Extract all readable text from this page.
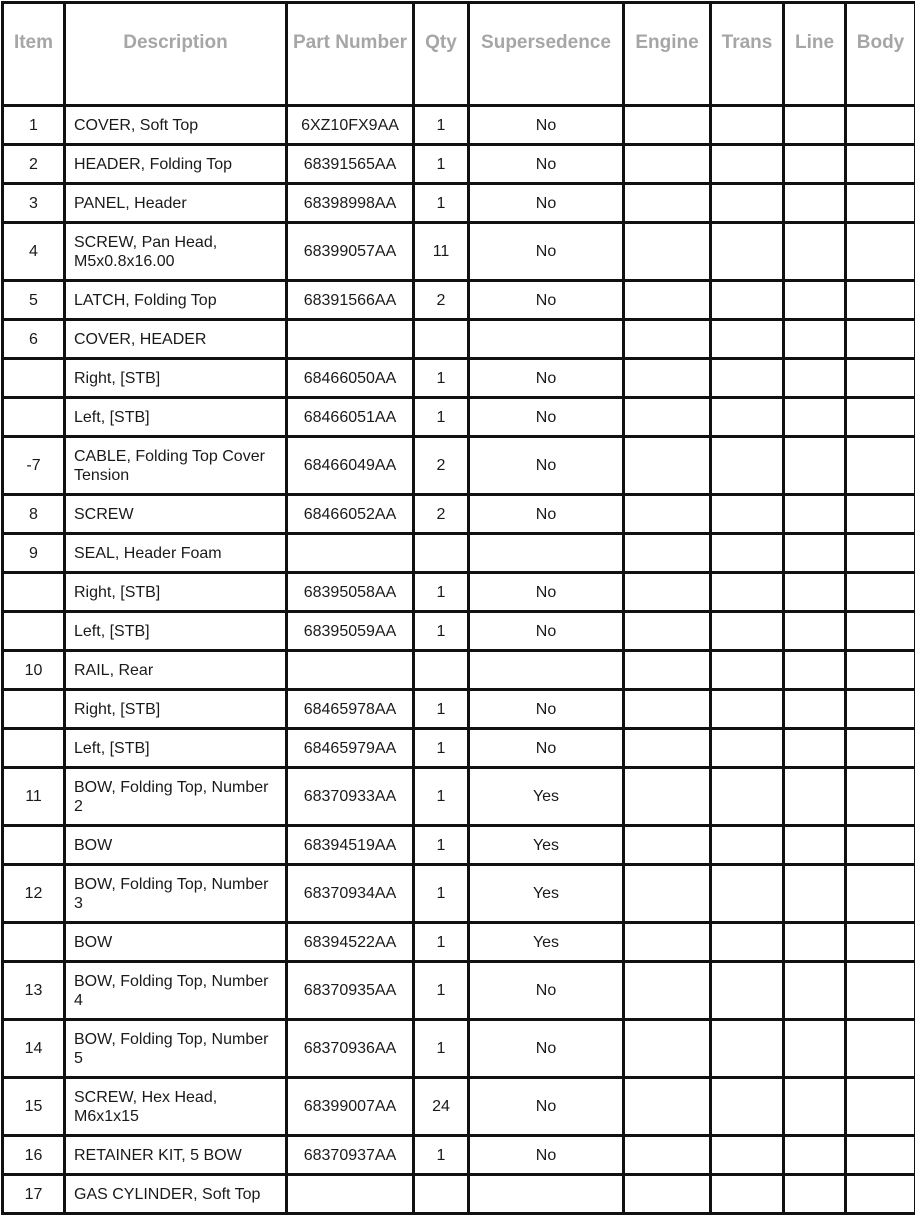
Item	Description	Part Number	Qty	Supersedence	Engine	Trans	Line	Body
1	COVER, Soft Top	6XZ10FX9AA	1	No				
2	HEADER, Folding Top	68391565AA	1	No				
3	PANEL, Header	68398998AA	1	No				
4	SCREW, Pan Head, M5x0.8x16.00	68399057AA	11	No				
5	LATCH, Folding Top	68391566AA	2	No				
6	COVER, HEADER							
	Right, [STB]	68466050AA	1	No				
	Left, [STB]	68466051AA	1	No				
-7	CABLE, Folding Top Cover Tension	68466049AA	2	No				
8	SCREW	68466052AA	2	No				
9	SEAL, Header Foam							
	Right, [STB]	68395058AA	1	No				
	Left, [STB]	68395059AA	1	No				
10	RAIL, Rear							
	Right, [STB]	68465978AA	1	No				
	Left, [STB]	68465979AA	1	No				
11	BOW, Folding Top, Number 2	68370933AA	1	Yes				
	BOW	68394519AA	1	Yes				
12	BOW, Folding Top, Number 3	68370934AA	1	Yes				
	BOW	68394522AA	1	Yes				
13	BOW, Folding Top, Number 4	68370935AA	1	No				
14	BOW, Folding Top, Number 5	68370936AA	1	No				
15	SCREW, Hex Head, M6x1x15	68399007AA	24	No				
16	RETAINER KIT, 5 BOW	68370937AA	1	No				
17	GAS CYLINDER, Soft Top							
